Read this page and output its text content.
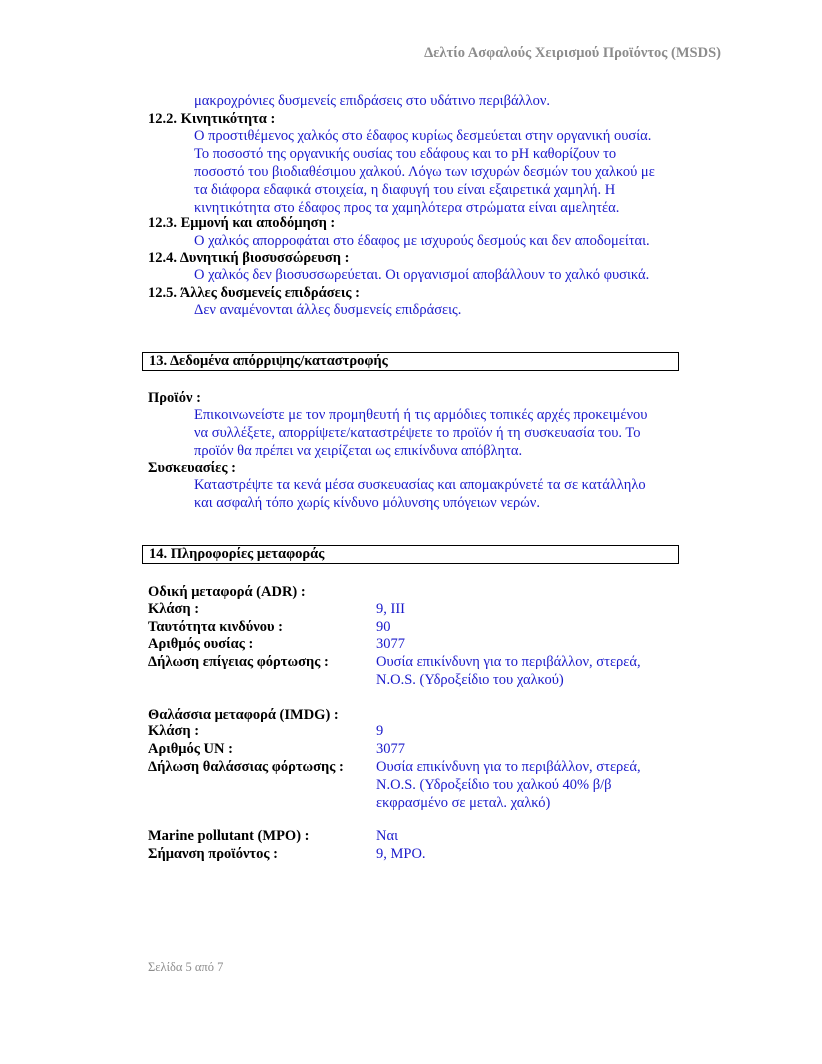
Δελτίο Ασφαλούς Χειρισμού Προϊόντος (MSDS)
μακροχρόνιες δυσμενείς επιδράσεις στο υδάτινο περιβάλλον.
12.2. Κινητικότητα :
Ο προστιθέμενος χαλκός στο έδαφος κυρίως δεσμεύεται στην οργανική ουσία.
Το ποσοστό της οργανικής ουσίας του εδάφους και το pH καθορίζουν το
ποσοστό του βιοδιαθέσιμου χαλκού. Λόγω των ισχυρών δεσμών του χαλκού με
τα διάφορα εδαφικά στοιχεία, η διαφυγή του είναι εξαιρετικά χαμηλή. Η
κινητικότητα στο έδαφος προς τα χαμηλότερα στρώματα είναι αμελητέα.
12.3. Εμμονή και αποδόμηση :
Ο χαλκός απορροφάται στο έδαφος με ισχυρούς δεσμούς και δεν αποδομείται.
12.4. Δυνητική βιοσυσσώρευση :
Ο χαλκός δεν βιοσυσσωρεύεται. Οι οργανισμοί αποβάλλουν το χαλκό φυσικά.
12.5. Άλλες δυσμενείς επιδράσεις :
Δεν αναμένονται άλλες δυσμενείς επιδράσεις.
13. Δεδομένα απόρριψης/καταστροφής
Προϊόν :
Επικοινωνείστε με τον προμηθευτή ή τις αρμόδιες τοπικές αρχές προκειμένου
να συλλέξετε, απορρίψετε/καταστρέψετε το προϊόν ή τη συσκευασία του. Το
προϊόν θα πρέπει να χειρίζεται ως επικίνδυνα απόβλητα.
Συσκευασίες :
Καταστρέψτε τα κενά μέσα συσκευασίας και απομακρύνετέ τα σε κατάλληλο
και ασφαλή τόπο χωρίς κίνδυνο μόλυνσης υπόγειων νερών.
14. Πληροφορίες μεταφοράς
Οδική μεταφορά (ADR) :
Κλάση :	9, III
Ταυτότητα κινδύνου :	90
Αριθμός ουσίας :	3077
Δήλωση επίγειας φόρτωσης :	Ουσία επικίνδυνη για το περιβάλλον, στερεά,
N.O.S. (Υδροξείδιο του χαλκού)
Θαλάσσια μεταφορά (IMDG) :
Κλάση :	9
Αριθμός UN :	3077
Δήλωση θαλάσσιας φόρτωσης : Ουσία επικίνδυνη για το περιβάλλον, στερεά,
N.O.S. (Υδροξείδιο του χαλκού 40% β/β
εκφρασμένο σε μεταλ. χαλκό)
Marine pollutant (MPO) :	Ναι
Σήμανση προϊόντος :	9, MPO.
Σελίδα 5 από 7
